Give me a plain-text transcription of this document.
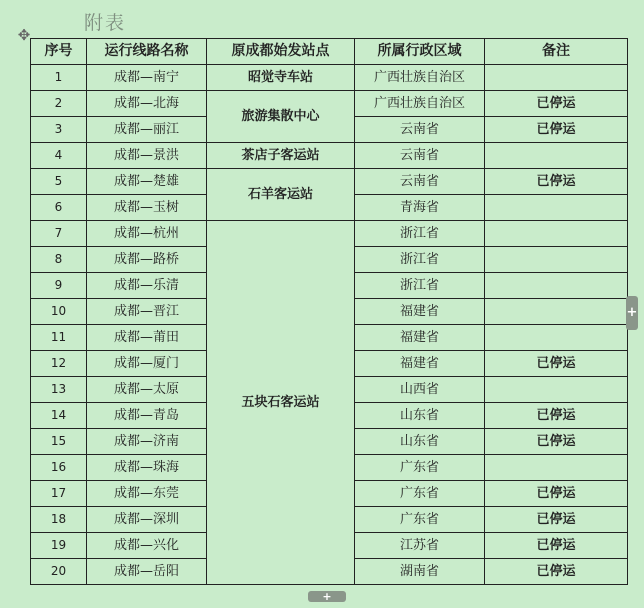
附表
✥
序号	运行线路名称	原成都始发站点	所属行政区域	备注
1	成都—南宁	昭觉寺车站	广西壮族自治区	
2	成都—北海	旅游集散中心	广西壮族自治区	已停运
3	成都—丽江		云南省	已停运
4	成都—景洪	茶店子客运站	云南省	
5	成都—楚雄	石羊客运站	云南省	已停运
6	成都—玉树		青海省	
7	成都—杭州	五块石客运站	浙江省	
8	成都—路桥		浙江省	
9	成都—乐清		浙江省	
10	成都—晋江		福建省	
11	成都—莆田		福建省	
12	成都—厦门		福建省	已停运
13	成都—太原		山西省	
14	成都—青岛		山东省	已停运
15	成都—济南		山东省	已停运
16	成都—珠海		广东省	
17	成都—东莞		广东省	已停运
18	成都—深圳		广东省	已停运
19	成都—兴化		江苏省	已停运
20	成都—岳阳		湖南省	已停运
+
+
